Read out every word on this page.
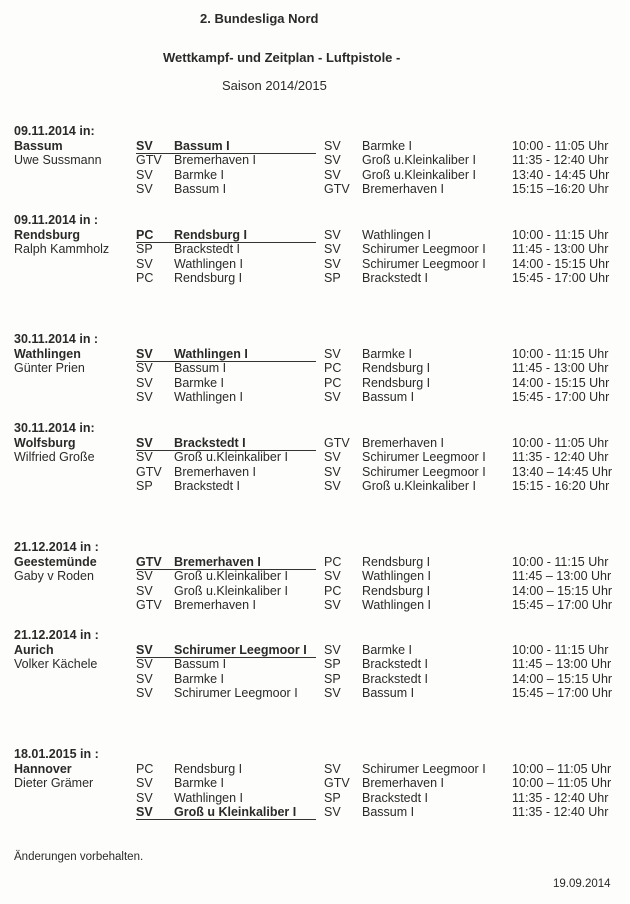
2. Bundesliga Nord
Wettkampf- und Zeitplan - Luftpistole -
Saison 2014/2015
09.11.2014 in:
Bassum
Uwe Sussmann
SV Bassum I	SV Barmke I	10:00 - 11:05 Uhr
GTV Bremerhaven I	SV Groß u.Kleinkaliber I	11:35 - 12:40 Uhr
SV Barmke I	SV Groß u.Kleinkaliber I	13:40 - 14:45 Uhr
SV Bassum I	GTV Bremerhaven I	15:15 –16:20 Uhr
09.11.2014 in :
Rendsburg
Ralph Kammholz
PC Rendsburg I	SV Wathlingen I	10:00 - 11:15 Uhr
SP Brackstedt I	SV Schirumer Leegmoor I 11:45 - 13:00 Uhr
SV Wathlingen I	SV Schirumer Leegmoor I 14:00 - 15:15 Uhr
PC Rendsburg I	SP Brackstedt I	15:45 - 17:00 Uhr
30.11.2014 in :
Wathlingen
Günter Prien
SV Wathlingen I	SV Barmke I	10:00 - 11:15 Uhr
SV Bassum I	PC Rendsburg I	11:45 - 13:00 Uhr
SV Barmke I	PC Rendsburg I	14:00 - 15:15 Uhr
SV Wathlingen I	SV Bassum I	15:45 - 17:00 Uhr
30.11.2014 in:
Wolfsburg
Wilfried Große
SV Brackstedt I	GTV Bremerhaven I	10:00 - 11:05 Uhr
SV Groß u.Kleinkaliber I	SV Schirumer Leegmoor I 11:35 - 12:40 Uhr
GTV Bremerhaven I	SV Schirumer Leegmoor I 13:40 – 14:45 Uhr
SP Brackstedt I	SV Groß u.Kleinkaliber I	15:15 - 16:20 Uhr
21.12.2014 in :
Geestemünde
Gaby v Roden
GTV Bremerhaven I	PC Rendsburg I	10:00 - 11:15 Uhr
SV Groß u.Kleinkaliber I	SV Wathlingen I	11:45 – 13:00 Uhr
SV Groß u.Kleinkaliber I	PC Rendsburg I	14:00 – 15:15 Uhr
GTV Bremerhaven I	SV Wathlingen I	15:45 – 17:00 Uhr
21.12.2014 in :
Aurich
Volker Kächele
SV Schirumer Leegmoor I SV Barmke I	10:00 - 11:15 Uhr
SV Bassum I	SP Brackstedt I	11:45 – 13:00 Uhr
SV Barmke I	SP Brackstedt I	14:00 – 15:15 Uhr
SV Schirumer Leegmoor I SV Bassum I	15:45 – 17:00 Uhr
18.01.2015 in :
Hannover
Dieter Grämer
PC Rendsburg I	SV Schirumer Leegmoor I 10:00 – 11:05 Uhr
SV Barmke I	GTV Bremerhaven I	10:00 – 11:05 Uhr
SV Wathlingen I	SP Brackstedt I	11:35 - 12:40 Uhr
SV Groß u Kleinkaliber I SV Bassum I	11:35 - 12:40 Uhr
Änderungen vorbehalten.
19.09.2014
